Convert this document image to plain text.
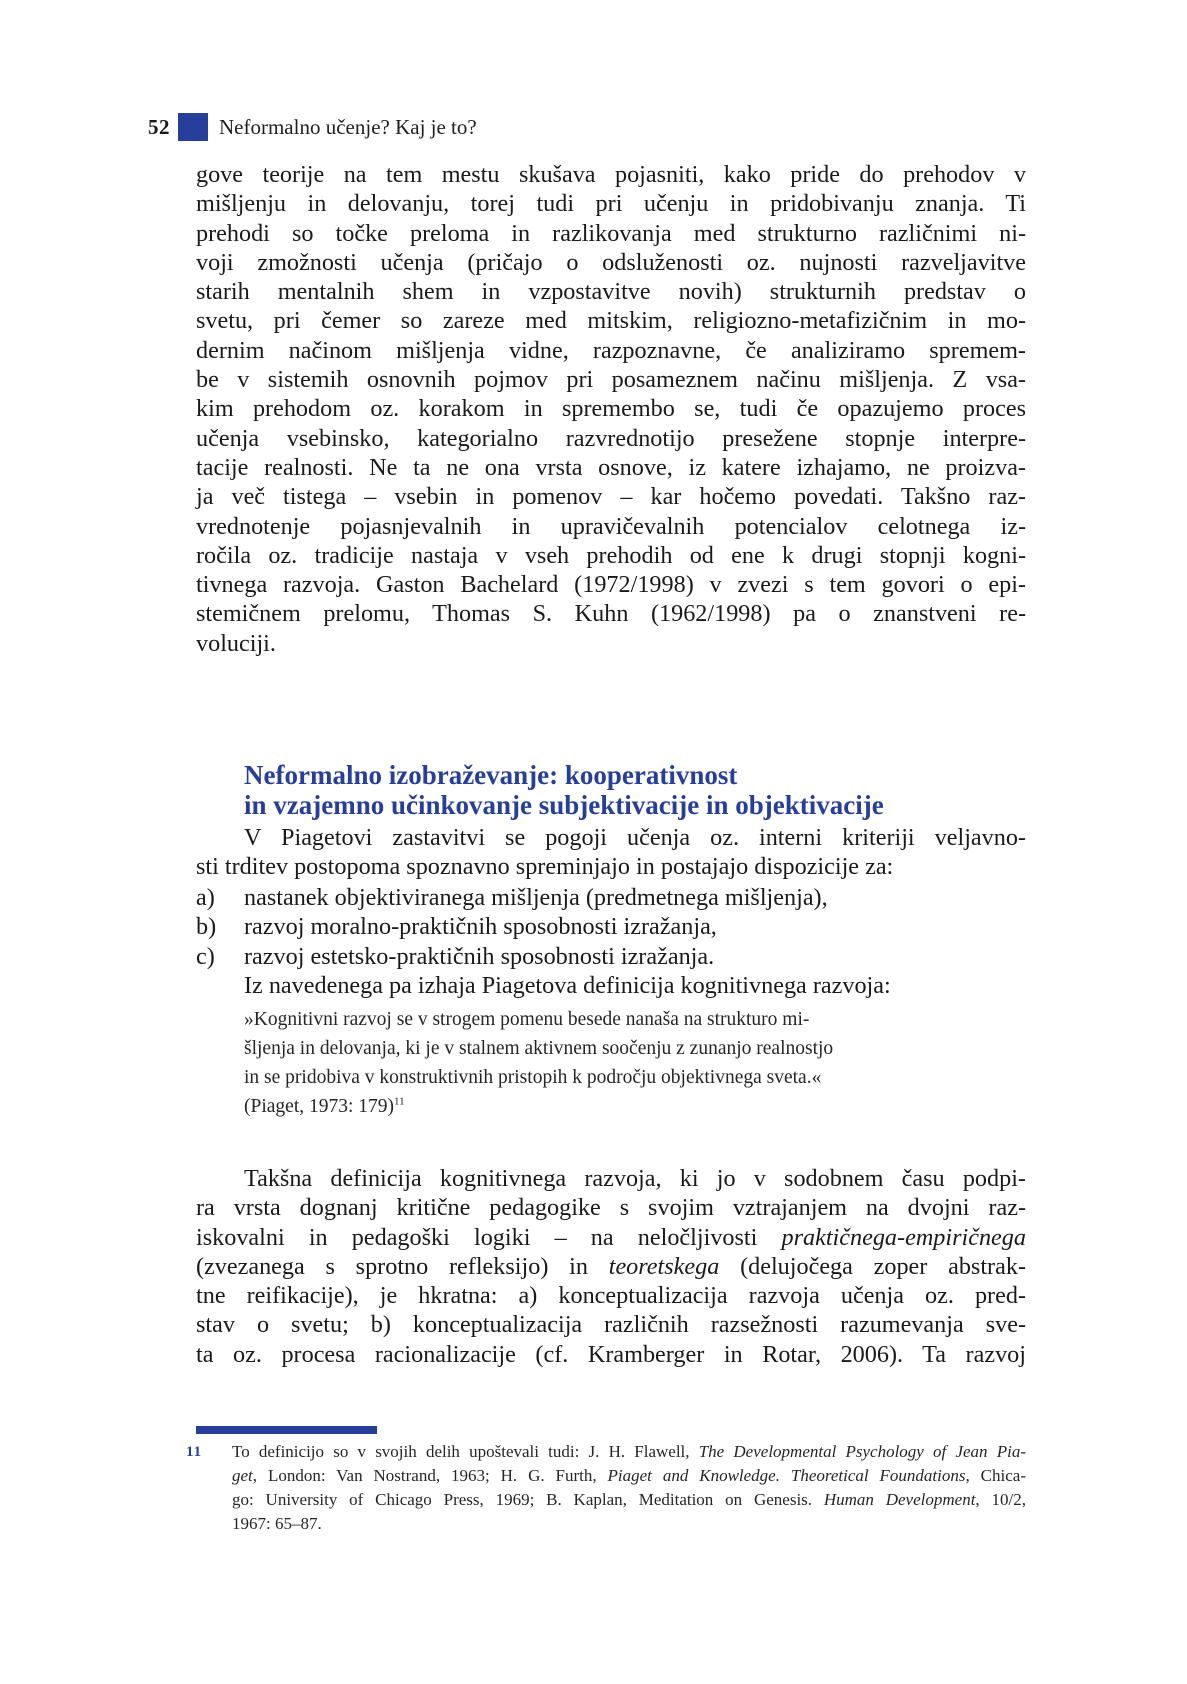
52 Neformalno učenje? Kaj je to?
gove teorije na tem mestu skušava pojasniti, kako pride do prehodov v
mišljenju in delovanju, torej tudi pri učenju in pridobivanju znanja. Ti
prehodi so točke preloma in razlikovanja med strukturno različnimi ni-
voji zmožnosti učenja (pričajo o odsluženosti oz. nujnosti razveljavitve
starih mentalnih shem in vzpostavitve novih) strukturnih predstav o
svetu, pri čemer so zareze med mitskim, religiozno-metafizičnim in mo-
dernim načinom mišljenja vidne, razpoznavne, če analiziramo spremem-
be v sistemih osnovnih pojmov pri posameznem načinu mišljenja. Z vsa-
kim prehodom oz. korakom in spremembo se, tudi če opazujemo proces
učenja vsebinsko, kategorialno razvrednotijo presežene stopnje interpre-
tacije realnosti. Ne ta ne ona vrsta osnove, iz katere izhajamo, ne proizva-
ja več tistega – vsebin in pomenov – kar hočemo povedati. Takšno raz-
vrednotenje pojasnjevalnih in upravičevalnih potencialov celotnega iz-
ročila oz. tradicije nastaja v vseh prehodih od ene k drugi stopnji kogni-
tivnega razvoja. Gaston Bachelard (1972/1998) v zvezi s tem govori o epi-
stemičnem prelomu, Thomas S. Kuhn (1962/1998) pa o znanstveni re-
voluciji.
Neformalno izobraževanje: kooperativnost
in vzajemno učinkovanje subjektivacije in objektivacije
V Piagetovi zastavitvi se pogoji učenja oz. interni kriteriji veljavno-
sti trditev postopoma spoznavno spreminjajo in postajajo dispozicije za:
a)	nastanek objektiviranega mišljenja (predmetnega mišljenja),
b)	razvoj moralno-praktičnih sposobnosti izražanja,
c)	razvoj estetsko-praktičnih sposobnosti izražanja.
Iz navedenega pa izhaja Piagetova definicija kognitivnega razvoja:
»Kognitivni razvoj se v strogem pomenu besede nanaša na strukturo mi-
šljenja in delovanja, ki je v stalnem aktivnem soočenju z zunanjo realnostjo
in se pridobiva v konstruktivnih pristopih k področju objektivnega sveta.«
(Piaget, 1973: 179)$^{11}$
Takšna definicija kognitivnega razvoja, ki jo v sodobnem času podpi-
ra vrsta dognanj kritične pedagogike s svojim vztrajanjem na dvojni raz-
iskovalni in pedagoški logiki – na neločljivosti praktičnega-empiričnega
(zvezanega s sprotno refleksijo) in teoretskega (delujočega zoper abstrak-
tne reifikacije), je hkratna: a) konceptualizacija razvoja učenja oz. pred-
stav o svetu; b) konceptualizacija različnih razsežnosti razumevanja sve-
ta oz. procesa racionalizacije (cf. Kramberger in Rotar, 2006). Ta razvoj
11 To definicijo so v svojih delih upoštevali tudi: J. H. Flawell, The Developmental Psychology of Jean Pia-
get, London: Van Nostrand, 1963; H. G. Furth, Piaget and Knowledge. Theoretical Foundations, Chica-
go: University of Chicago Press, 1969; B. Kaplan, Meditation on Genesis. Human Development, 10/2,
1967: 65–87.
